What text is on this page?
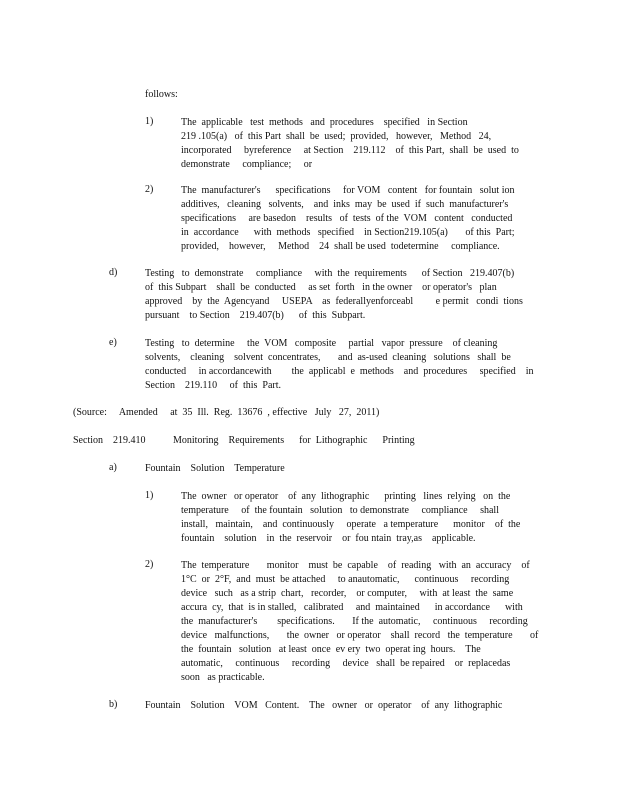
follows:
1)	The  applicable   test  methods   and  procedures    specified   in Section
219 .105(a)   of  this Part  shall  be  used;  provided,   however,   Method   24,
incorporated     byreference     at Section    219.112    of  this Part,  shall  be  used  to
demonstrate     compliance;     or
2)	The  manufacturer's      specifications     for VOM   content   for fountain   solut ion
additives,   cleaning   solvents,    and  inks  may  be  used  if  such  manufacturer's
specifications     are basedon    results   of  tests  of the  VOM   content   conducted
in  accordance      with  methods   specified    in Section219.105(a)       of this  Part;
provided,    however,     Method    24  shall be used  todetermine     compliance.
d)	Testing   to  demonstrate     compliance     with  the  requirements      of Section   219.407(b)
of  this Subpart    shall  be  conducted     as set  forth   in the owner    or operator's   plan
approved    by  the  Agencyand     USEPA    as  federallyenforceabl         e permit   condi  tions
pursuant    to Section    219.407(b)      of  this  Subpart.
e)	Testing   to  determine     the  VOM   composite     partial   vapor  pressure    of cleaning
solvents,    cleaning    solvent  concentrates,       and  as-used  cleaning   solutions   shall  be
conducted     in accordancewith        the  applicabl  e  methods    and  procedures     specified    in
Section    219.110     of  this  Part.
(Source:     Amended     at  35  Ill.  Reg.  13676  , effective   July   27,  2011)
Section    219.410           Monitoring    Requirements      for  Lithographic      Printing
a)	Fountain    Solution    Temperature
1)	The  owner   or operator    of  any  lithographic      printing   lines  relying   on  the
temperature     of  the fountain   solution   to demonstrate     compliance     shall
install,   maintain,    and  continuously     operate   a temperature      monitor    of  the
fountain    solution    in  the  reservoir    or  fou ntain  tray,as    applicable.
2)	The  temperature       monitor    must  be  capable    of  reading   with  an  accuracy    of
1°C  or  2°F,  and  must  be attached     to anautomatic,      continuous     recording
device   such   as a strip  chart,   recorder,    or computer,     with  at least  the  same
accura  cy,  that  is in stalled,   calibrated     and  maintained      in accordance      with
the  manufacturer's        specifications.       If the  automatic,     continuous     recording
device   malfunctions,       the  owner   or operator    shall  record   the  temperature       of
the  fountain   solution   at least  once  ev ery  two  operat ing  hours.    The
automatic,     continuous     recording     device   shall  be repaired    or  replacedas
soon   as practicable.
b)	Fountain    Solution    VOM   Content.    The   owner   or  operator    of  any  lithographic
